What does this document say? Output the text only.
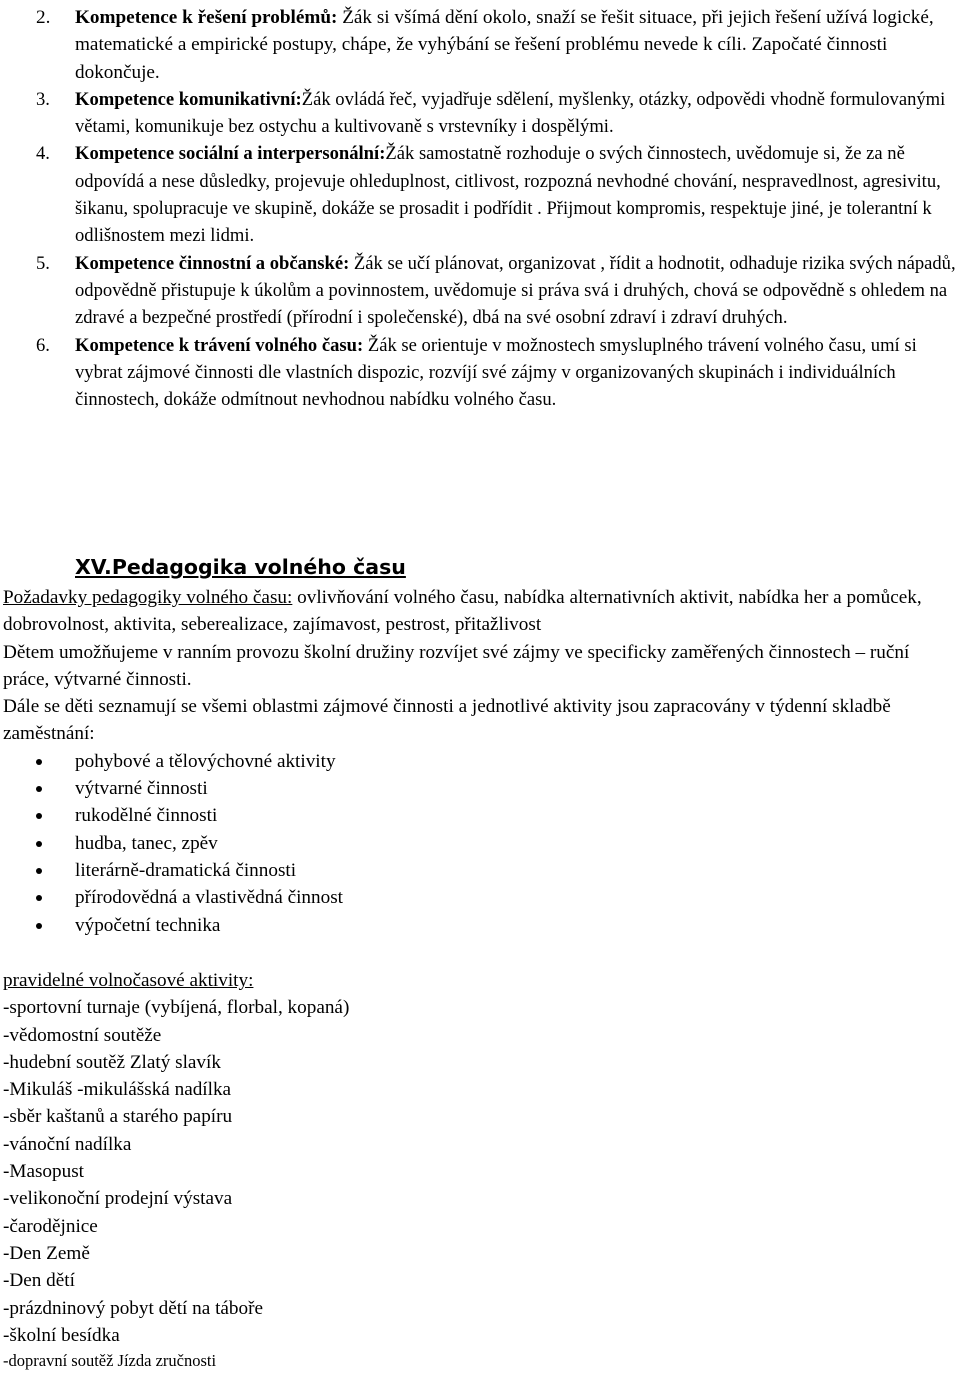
2. Kompetence k řešení problémů: Žák si všímá dění okolo, snaží se řešit situace, při jejich řešení užívá logické, matematické a empirické postupy, chápe, že vyhýbání se řešení problému nevede k cíli. Započaté činnosti dokončuje.
3. Kompetence komunikativní:Žák ovládá řeč, vyjadřuje sdělení, myšlenky, otázky, odpovědi vhodně formulovanými větami, komunikuje bez ostychu a kultivovaně s vrstevníky i dospělými.
4. Kompetence sociální a interpersonální:Žák samostatně rozhoduje o svých činnostech, uvědomuje si, že za ně odpovídá a nese důsledky, projevuje ohleduplnost, citlivost, rozpozná nevhodné chování, nespravedlnost, agresivitu, šikanu, spolupracuje ve skupině, dokáže se prosadit i podřídit . Přijmout kompromis, respektuje jiné, je tolerantní k odlišnostem mezi lidmi.
5. Kompetence činnostní a občanské: Žák se učí plánovat, organizovat , řídit a hodnotit, odhaduje rizika svých nápadů, odpovědně přistupuje k úkolům a povinnostem, uvědomuje si práva svá i druhých, chová se odpovědně s ohledem na zdravé a bezpečné prostředí (přírodní i společenské), dbá na své osobní zdraví i zdraví druhých.
6. Kompetence k trávení volného času: Žák se orientuje v možnostech smysluplného trávení volného času, umí si vybrat zájmové činnosti dle vlastních dispozic, rozvíjí své zájmy v organizovaných skupinách i individuálních činnostech, dokáže odmítnout nevhodnou nabídku volného času.
XV.Pedagogika volného času

Požadavky pedagogiky volného času: ovlivňování volného času, nabídka alternativních aktivit, nabídka her a pomůcek, dobrovolnost, aktivita, seberealizace, zajímavost, pestrost, přitažlivost

Dětem umožňujeme v ranním provozu školní družiny rozvíjet své zájmy ve specificky zaměřených činnostech – ruční práce, výtvarné činnosti.

Dále se děti seznamují se všemi oblastmi zájmové činnosti a jednotlivé aktivity jsou zapracovány v týdenní skladbě zaměstnání:

pohybové a tělovýchovné aktivity
výtvarné činnosti
rukodělné činnosti
hudba, tanec, zpěv
literárně-dramatická činnosti
přírodovědná a vlastivědná činnost
výpočetní technika

pravidelné volnočasové aktivity:

-sportovní turnaje (vybíjená, florbal, kopaná)
-vědomostní soutěže
-hudební soutěž Zlatý slavík
-Mikuláš -mikulášská nadílka
-sběr kaštanů a starého papíru
-vánoční nadílka
-Masopust
-velikonoční prodejní výstava
-čarodějnice
-Den Země
-Den dětí
-prázdninový pobyt dětí na táboře
-školní besídka
-dopravní soutěž Jízda zručnosti
